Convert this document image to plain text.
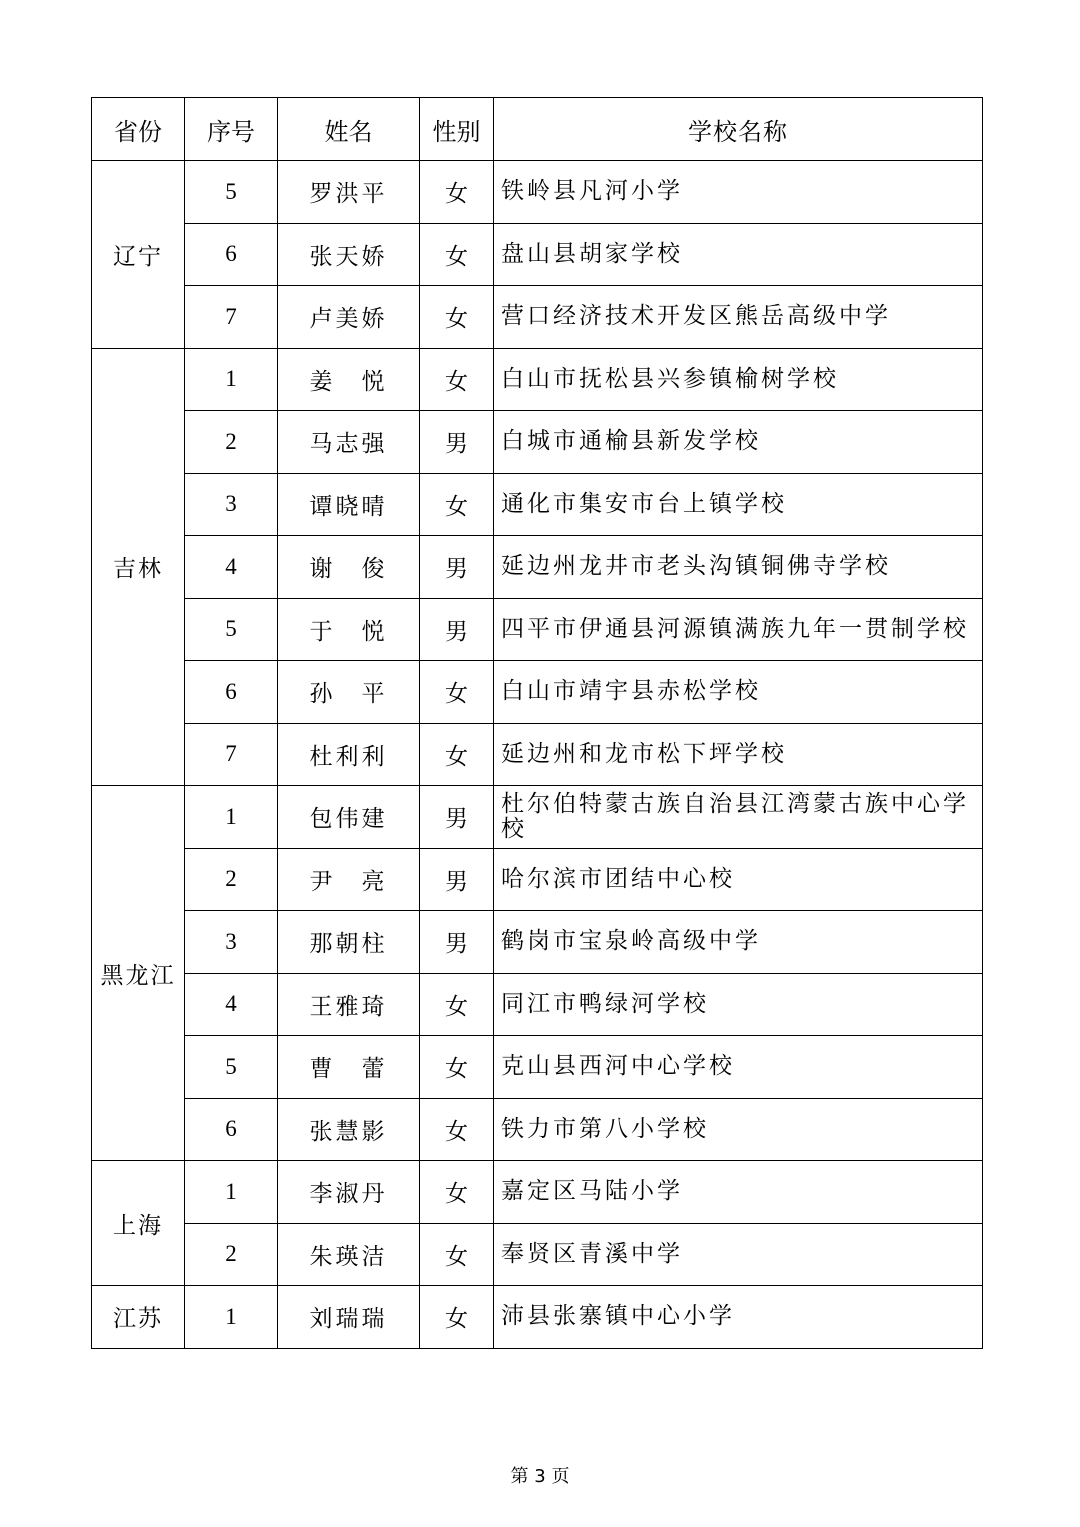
省份	序号	姓名	性别	学校名称
辽宁	5	罗洪平	女	铁岭县凡河小学
	6	张天娇	女	盘山县胡家学校
	7	卢美娇	女	营口经济技术开发区熊岳高级中学
吉林	1	姜　悦	女	白山市抚松县兴参镇榆树学校
	2	马志强	男	白城市通榆县新发学校
	3	谭晓晴	女	通化市集安市台上镇学校
	4	谢　俊	男	延边州龙井市老头沟镇铜佛寺学校
	5	于　悦	男	四平市伊通县河源镇满族九年一贯制学校
	6	孙　平	女	白山市靖宇县赤松学校
	7	杜利利	女	延边州和龙市松下坪学校
黑龙江	1	包伟建	男	杜尔伯特蒙古族自治县江湾蒙古族中心学校
	2	尹　亮	男	哈尔滨市团结中心校
	3	那朝柱	男	鹤岗市宝泉岭高级中学
	4	王雅琦	女	同江市鸭绿河学校
	5	曹　蕾	女	克山县西河中心学校
	6	张慧影	女	铁力市第八小学校
上海	1	李淑丹	女	嘉定区马陆小学
	2	朱瑛洁	女	奉贤区青溪中学
江苏	1	刘瑞瑞	女	沛县张寨镇中心小学
第 3 页
